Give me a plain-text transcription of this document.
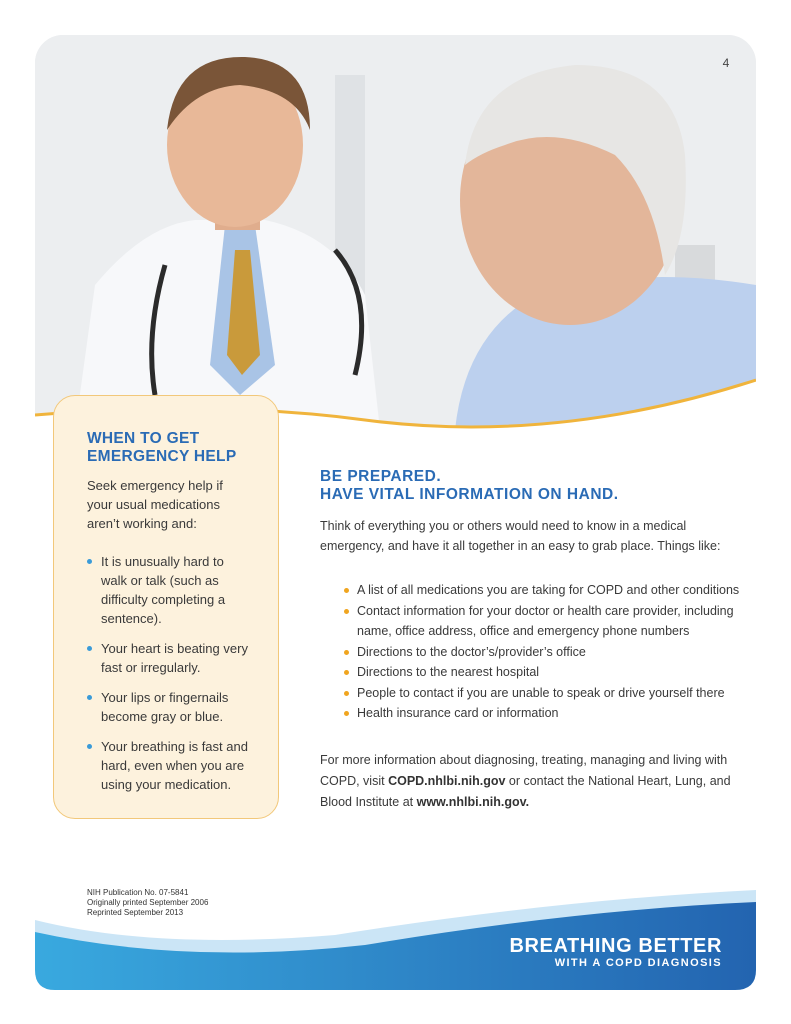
4
WHEN TO GET
EMERGENCY HELP

Seek emergency help if your usual medications aren’t working and:

It is unusually hard to walk or talk (such as difficulty completing a sentence).
Your heart is beating very fast or irregularly.
Your lips or fingernails become gray or blue.
Your breathing is fast and hard, even when you are using your medication.
BE PREPARED.
HAVE VITAL INFORMATION ON HAND.

Think of everything you or others would need to know in a medical emergency, and have it all together in an easy to grab place. Things like:

A list of all medications you are taking for COPD and other conditions
Contact information for your doctor or health care provider, including name, office address, office and emergency phone numbers
Directions to the doctor’s/provider’s office
Directions to the nearest hospital
People to contact if you are unable to speak or drive yourself there
Health insurance card or information

For more information about diagnosing, treating, managing and living with COPD, visit COPD.nhlbi.nih.gov or contact the National Heart, Lung, and Blood Institute at www.nhlbi.nih.gov.

NIH Publication No. 07-5841
Originally printed September 2006
Reprinted September 2013
BREATHING BETTER
WITH A COPD DIAGNOSIS
